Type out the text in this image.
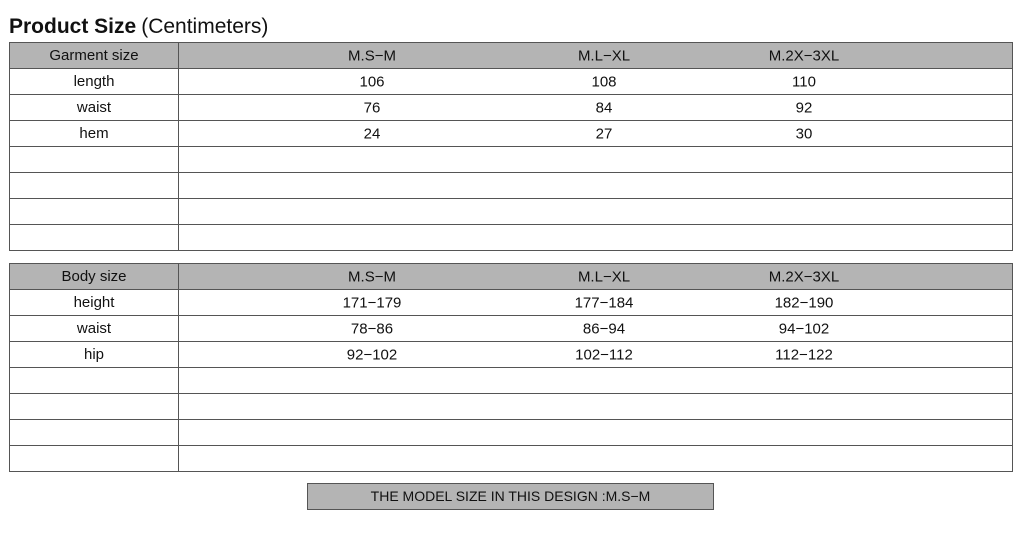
Product Size (Centimeters)
Garment size	M.S−M M.L−XL M.2X−3XL

length	106 108 110

waist	76 84 92

hem	24 27 30

Body size	M.S−M M.L−XL M.2X−3XL

height	171−179 177−184 182−190

waist	78−86 86−94 94−102

hip	92−102 102−112 112−122

THE MODEL SIZE IN THIS DESIGN :M.S−M
